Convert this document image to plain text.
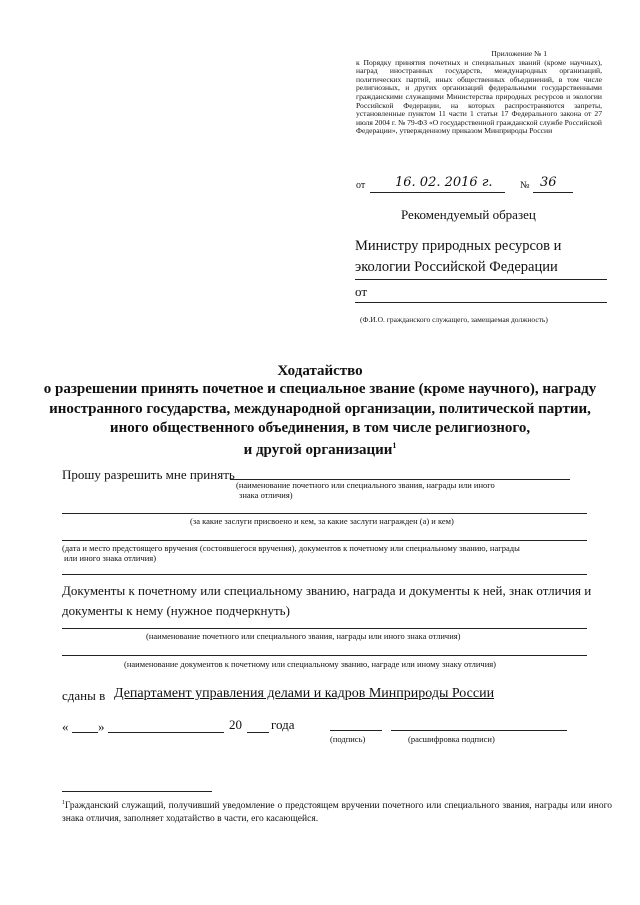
Приложение № 1
к Порядку принятия почетных и специальных званий (кроме научных), наград иностранных государств, международных организаций, политических партий, иных общественных объединений, в том числе религиозных, и других организаций федеральными государственными гражданскими служащими Министерства природных ресурсов и экологии Российской Федерации, на которых распространяются запреты, установленные пунктом 11 части 1 статьи 17 Федерального закона от 27 июля 2004 г. № 79-ФЗ «О государственной гражданской службе Российской Федерации», утвержденному приказом Минприроды России
от 16. 02. 2016 г.	№ 36
Рекомендуемый образец
Министру природных ресурсов и
экологии Российской Федерации
от
(Ф.И.О. гражданского служащего, замещаемая должность)
Ходатайство
о разрешении принять почетное и специальное звание (кроме научного), награду
иностранного государства, международной организации, политической партии,
иного общественного объединения, в том числе религиозного,
и другой организации$^1$
Прошу разрешить мне принять
(наименование почетного или специального звания, награды или иного
знака отличия)
(за какие заслуги присвоено и кем, за какие заслуги награжден (а) и кем)
(дата и место предстоящего вручения (состоявшегося вручения), документов к почетному или специальному званию, награды
или иного знака отличия)
Документы к почетному или специальному званию, награда и документы к ней, знак отличия и
документы к нему (нужное подчеркнуть)
(наименование почетного или специального звания, награды или иного знака отличия)
(наименование документов к почетному или специальному званию, награде или иному знаку отличия)
сданы в Департамент управления делами и кадров Минприроды России
« »	20 года
(подпись)	(расшифровка подписи)
$^1$Гражданский служащий, получивший уведомление о предстоящем вручении почетного или специального звания, награды или иного знака отличия, заполняет ходатайство в части, его касающейся.
